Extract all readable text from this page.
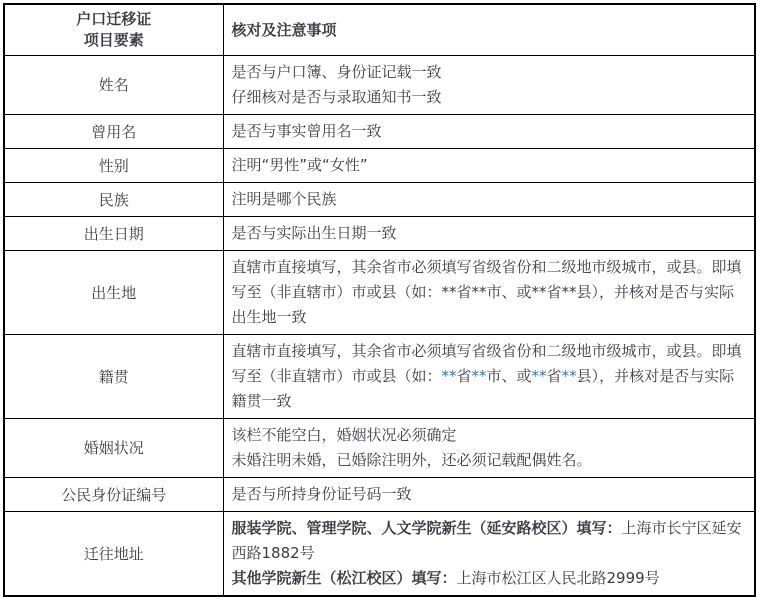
户口迁移证
项目要素	核对及注意事项
姓名	是否与户口簿、身份证记载一致
仔细核对是否与录取通知书一致

曾用名	是否与事实曾用名一致

性别	注明“男性”或“女性”

民族	注明是哪个民族

出生日期	是否与实际出生日期一致

出生地	直辖市直接填写，其余省市必须填写省级省份和二级地市级城市，或县。即填写至（非直辖市）市或县（如：**省**市、或**省**县），并核对是否与实际出生地一致

籍贯	直辖市直接填写，其余省市必须填写省级省份和二级地市级城市，或县。即填写至（非直辖市）市或县（如：**省**市、或**省**县），并核对是否与实际籍贯一致

婚姻状况	该栏不能空白，婚姻状况必须确定
未婚注明未婚，已婚除注明外，还必须记载配偶姓名。

公民身份证编号	是否与所持身份证号码一致

迁往地址	服装学院、管理学院、人文学院新生（延安路校区）填写：上海市长宁区延安西路1882号
其他学院新生（松江校区）填写：上海市松江区人民北路2999号
